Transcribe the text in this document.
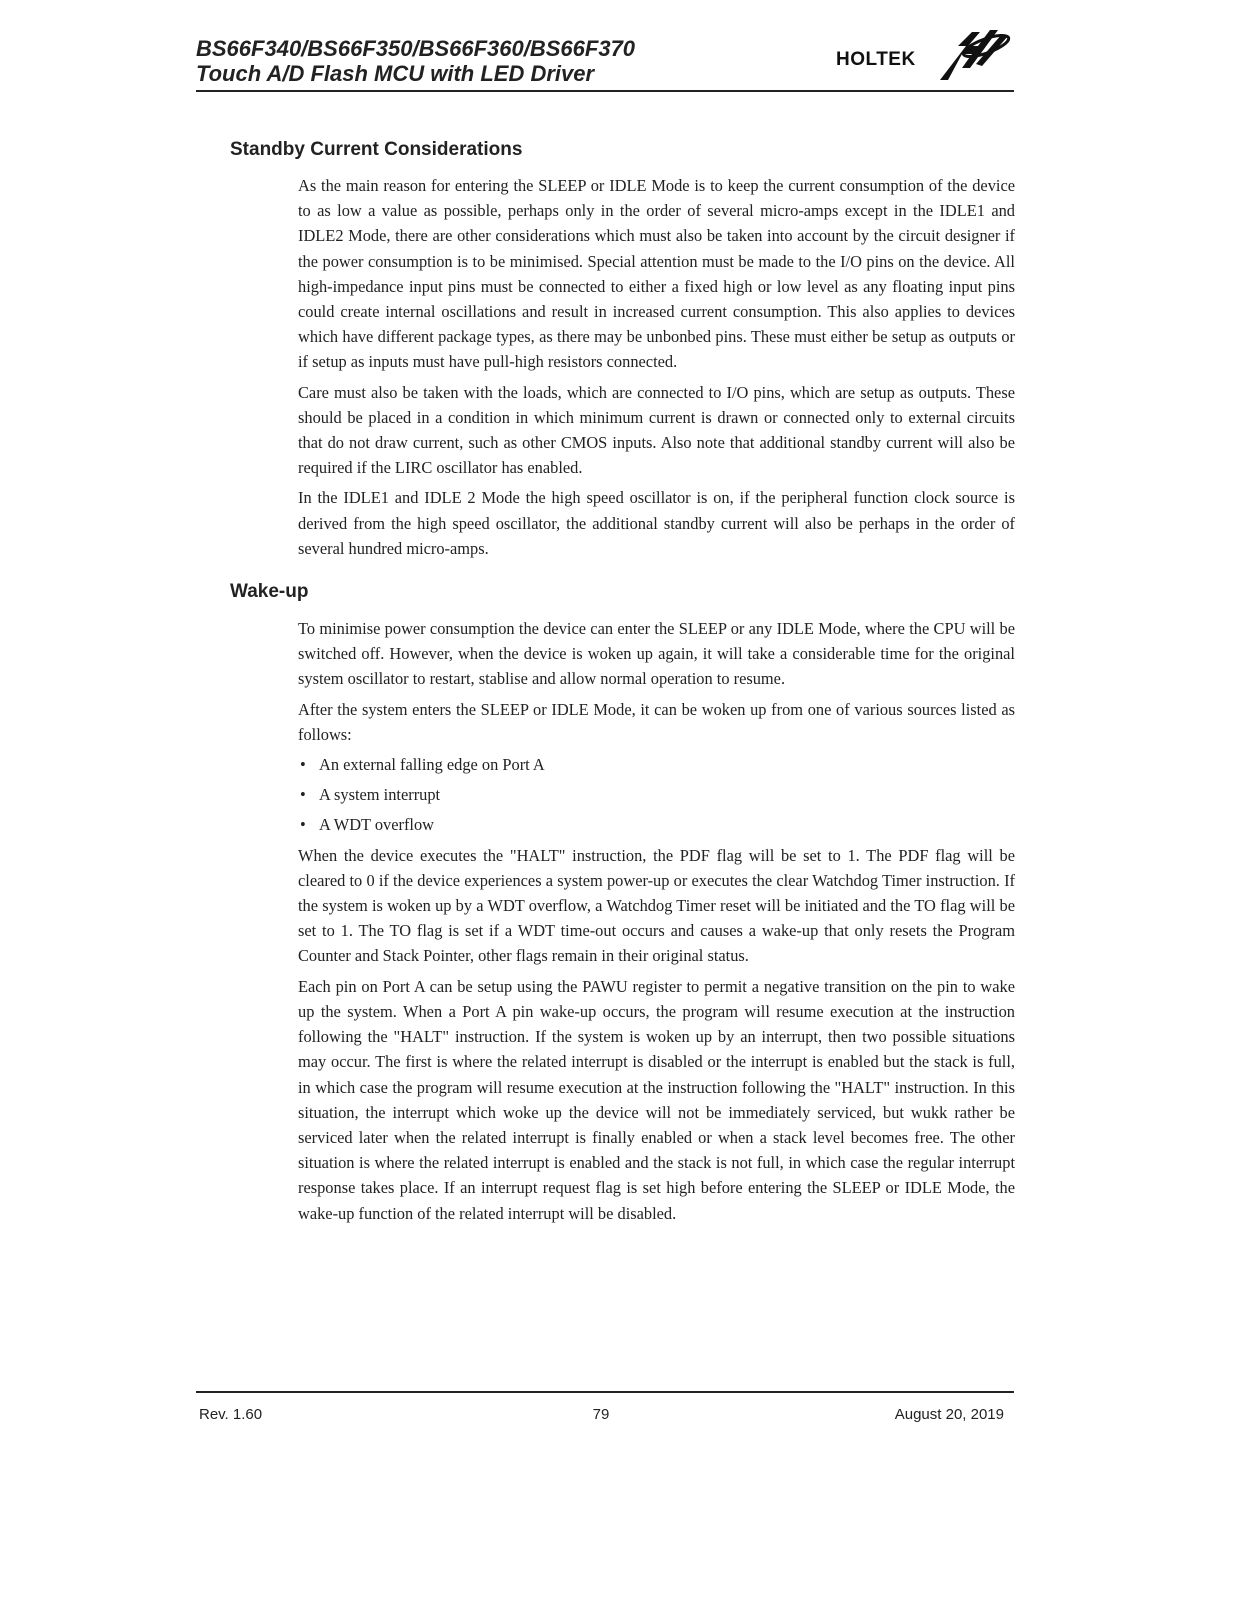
BS66F340/BS66F350/BS66F360/BS66F370
Touch A/D Flash MCU with LED Driver
HOLTEK
Standby Current Considerations

As the main reason for entering the SLEEP or IDLE Mode is to keep the current consumption of the device to as low a value as possible, perhaps only in the order of several micro-amps except in the IDLE1 and IDLE2 Mode, there are other considerations which must also be taken into account by the circuit designer if the power consumption is to be minimised. Special attention must be made to the I/O pins on the device. All high-impedance input pins must be connected to either a fixed high or low level as any floating input pins could create internal oscillations and result in increased current consumption. This also applies to devices which have different package types, as there may be unbonbed pins. These must either be setup as outputs or if setup as inputs must have pull-high resistors connected.

Care must also be taken with the loads, which are connected to I/O pins, which are setup as outputs. These should be placed in a condition in which minimum current is drawn or connected only to external circuits that do not draw current, such as other CMOS inputs. Also note that additional standby current will also be required if the LIRC oscillator has enabled.

In the IDLE1 and IDLE 2 Mode the high speed oscillator is on, if the peripheral function clock source is derived from the high speed oscillator, the additional standby current will also be perhaps in the order of several hundred micro-amps.

Wake-up

To minimise power consumption the device can enter the SLEEP or any IDLE Mode, where the CPU will be switched off. However, when the device is woken up again, it will take a considerable time for the original system oscillator to restart, stablise and allow normal operation to resume.

After the system enters the SLEEP or IDLE Mode, it can be woken up from one of various sources listed as follows:

• An external falling edge on Port A
• A system interrupt
• A WDT overflow

When the device executes the "HALT" instruction, the PDF flag will be set to 1. The PDF flag will be cleared to 0 if the device experiences a system power-up or executes the clear Watchdog Timer instruction. If the system is woken up by a WDT overflow, a Watchdog Timer reset will be initiated and the TO flag will be set to 1. The TO flag is set if a WDT time-out occurs and causes a wake-up that only resets the Program Counter and Stack Pointer, other flags remain in their original status.

Each pin on Port A can be setup using the PAWU register to permit a negative transition on the pin to wake up the system. When a Port A pin wake-up occurs, the program will resume execution at the instruction following the "HALT" instruction. If the system is woken up by an interrupt, then two possible situations may occur. The first is where the related interrupt is disabled or the interrupt is enabled but the stack is full, in which case the program will resume execution at the instruction following the "HALT" instruction. In this situation, the interrupt which woke up the device will not be immediately serviced, but wukk rather be serviced later when the related interrupt is finally enabled or when a stack level becomes free. The other situation is where the related interrupt is enabled and the stack is not full, in which case the regular interrupt response takes place. If an interrupt request flag is set high before entering the SLEEP or IDLE Mode, the wake-up function of the related interrupt will be disabled.

Rev. 1.60	79	August 20, 2019
